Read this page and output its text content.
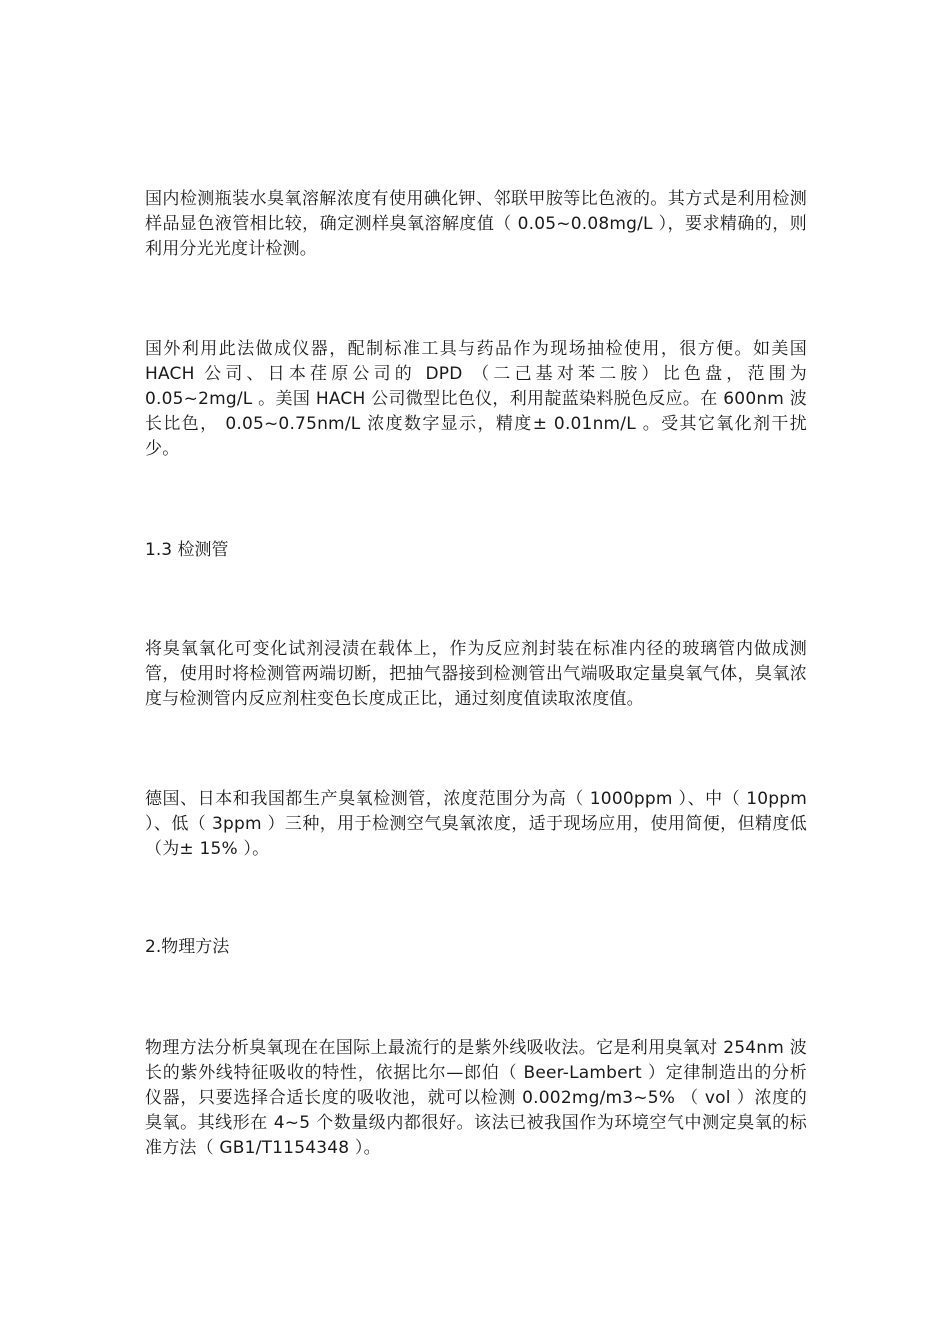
国内检测瓶装水臭氧溶解浓度有使用碘化钾、邻联甲胺等比色液的。其方式是利用检测样品显色液管相比较，确定测样臭氧溶解度值（ 0.05~0.08mg/L ），要求精确的，则利用分光光度计检测。

国外利用此法做成仪器，配制标准工具与药品作为现场抽检使用，很方便。如美国 HACH 公司、日本荏原公司的 DPD （二己基对苯二胺）比色盘，范围为 0.05~2mg/L 。美国 HACH 公司微型比色仪，利用靛蓝染料脱色反应。在 600nm 波长比色， 0.05~0.75nm/L 浓度数字显示，精度± 0.01nm/L 。受其它氧化剂干扰少。

1.3 检测管

将臭氧氧化可变化试剂浸渍在载体上，作为反应剂封装在标准内径的玻璃管内做成测管，使用时将检测管两端切断，把抽气器接到检测管出气端吸取定量臭氧气体，臭氧浓度与检测管内反应剂柱变色长度成正比，通过刻度值读取浓度值。

德国、日本和我国都生产臭氧检测管，浓度范围分为高（ 1000ppm ）、中（ 10ppm ）、低（ 3ppm ）三种，用于检测空气臭氧浓度，适于现场应用，使用简便，但精度低（为± 15% ）。

2.物理方法

物理方法分析臭氧现在在国际上最流行的是紫外线吸收法。它是利用臭氧对 254nm 波长的紫外线特征吸收的特性，依据比尔—郎伯（ Beer-Lambert ）定律制造出的分析仪器，只要选择合适长度的吸收池，就可以检测 0.002mg/m3~5% （ vol ）浓度的臭氧。其线形在 4~5 个数量级内都很好。该法已被我国作为环境空气中测定臭氧的标准方法（ GB1/T1154348 ）。
